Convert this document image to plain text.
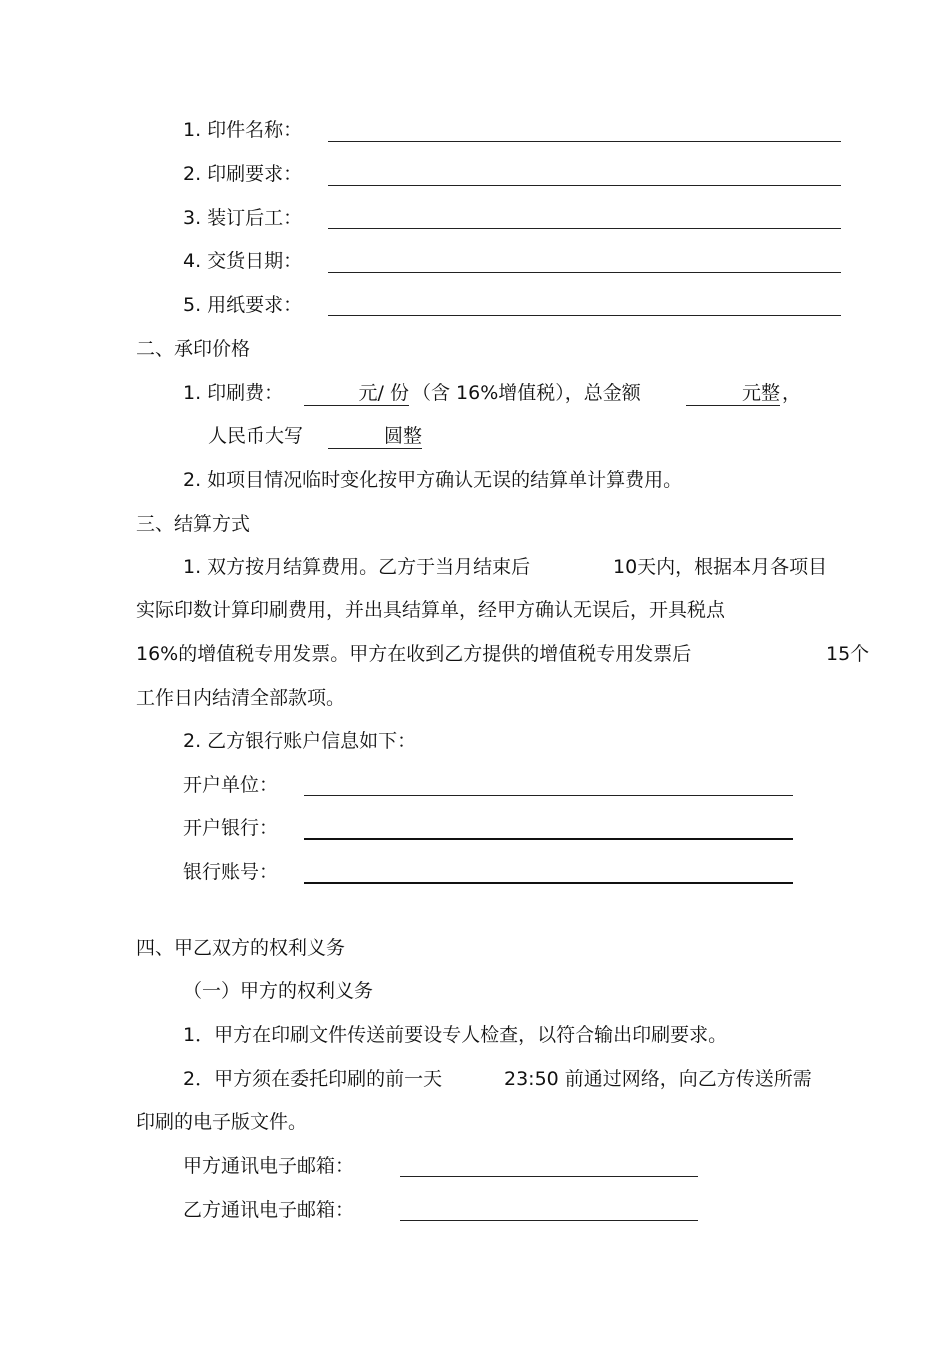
1. 印件名称：
2. 印刷要求：
3. 装订后工：
4. 交货日期：
5. 用纸要求：
二、承印价格
1. 印刷费：	元/ 份 （含 16%增值税），总金额	元整 ，
人民币大写	圆整
2. 如项目情况临时变化按甲方确认无误的结算单计算费用。
三、结算方式
1. 双方按月结算费用。乙方于当月结束后	10天内，根据本月各项目
实际印数计算印刷费用，并出具结算单，经甲方确认无误后，开具税点
16%的增值税专用发票。甲方在收到乙方提供的增值税专用发票后	15个
工作日内结清全部款项。
2. 乙方银行账户信息如下：
开户单位：
开户银行：
银行账号：
四、甲乙双方的权利义务
（一）甲方的权利义务
1．甲方在印刷文件传送前要设专人检查，以符合输出印刷要求。
2．甲方须在委托印刷的前一天	23:50 前通过网络，向乙方传送所需
印刷的电子版文件。
甲方通讯电子邮箱：
乙方通讯电子邮箱：
